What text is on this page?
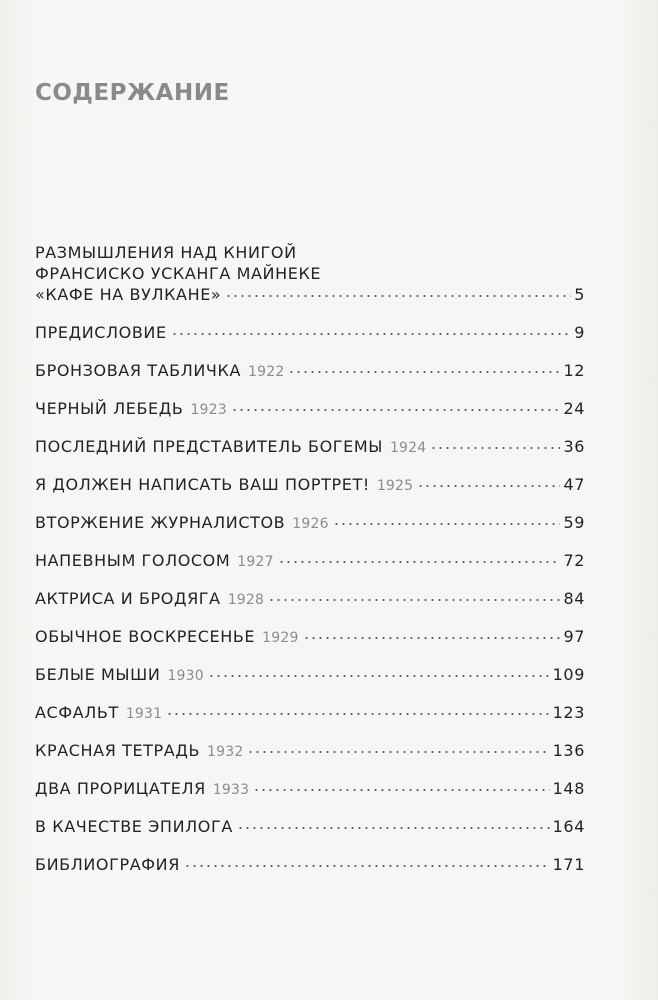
СОДЕРЖАНИЕ
РАЗМЫШЛЕНИЯ НАД КНИГОЙ
ФРАНСИСКО УСКАНГА МАЙНЕКЕ
«КАФЕ НА ВУЛКАНЕ»	5
ПРЕДИСЛОВИЕ	9
БРОНЗОВАЯ ТАБЛИЧКА 1922	12
ЧЕРНЫЙ ЛЕБЕДЬ 1923	24
ПОСЛЕДНИЙ ПРЕДСТАВИТЕЛЬ БОГЕМЫ 1924	36
Я ДОЛЖЕН НАПИСАТЬ ВАШ ПОРТРЕТ! 1925	47
ВТОРЖЕНИЕ ЖУРНАЛИСТОВ 1926	59
НАПЕВНЫМ ГОЛОСОМ 1927	72
АКТРИСА И БРОДЯГА 1928	84
ОБЫЧНОЕ ВОСКРЕСЕНЬЕ 1929	97
БЕЛЫЕ МЫШИ 1930	109
АСФАЛЬТ 1931	123
КРАСНАЯ ТЕТРАДЬ 1932	136
ДВА ПРОРИЦАТЕЛЯ 1933	148
В КАЧЕСТВЕ ЭПИЛОГА	164
БИБЛИОГРАФИЯ	171
